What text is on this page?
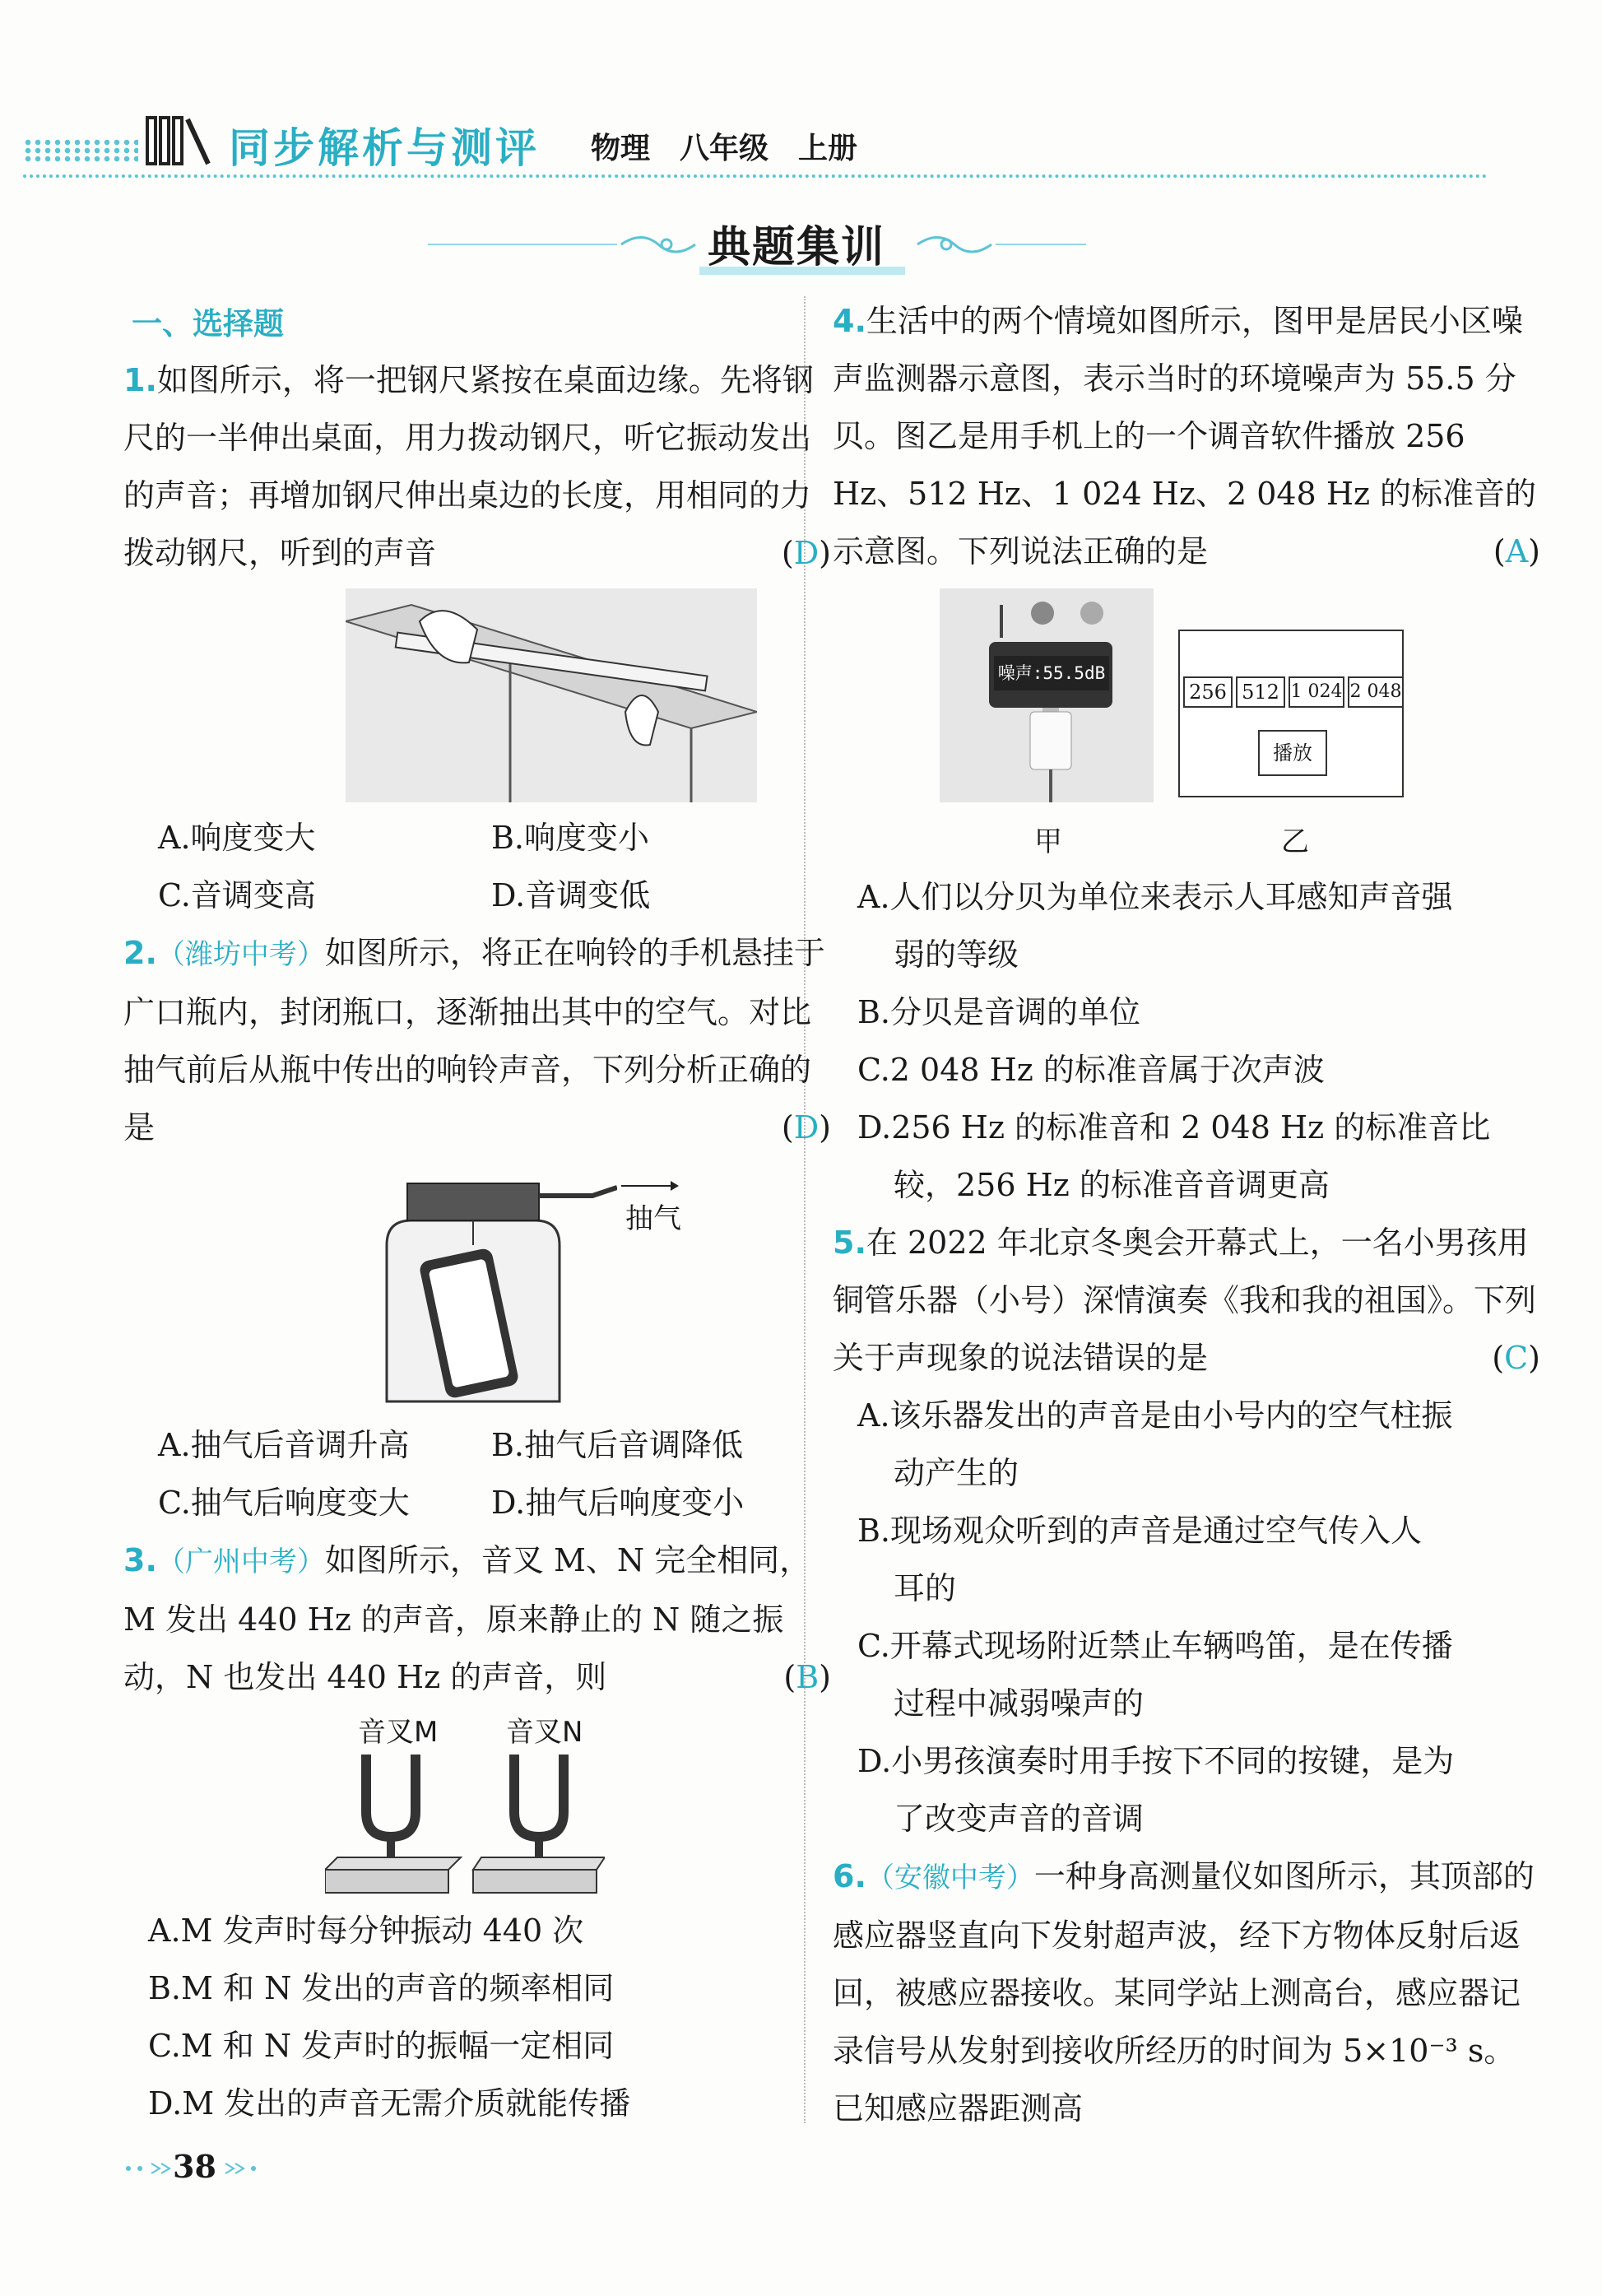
同步解析与测评 物理　八年级　上册
典题集训
一、选择题
1.如图所示，将一把钢尺紧按在桌面边缘。先将钢尺的一半伸出桌面，用力拨动钢尺，听它振动发出的声音；再增加钢尺伸出桌边的长度，用相同的力拨动钢尺，听到的声音	(D)
A.响度变大	B.响度变小
C.音调变高	D.音调变低
2.（潍坊中考）如图所示，将正在响铃的手机悬挂于广口瓶内，封闭瓶口，逐渐抽出其中的空气。对比抽气前后从瓶中传出的响铃声音，下列分析正确的是	(D)
抽气
A.抽气后音调升高	B.抽气后音调降低
C.抽气后响度变大	D.抽气后响度变小
3.（广州中考）如图所示，音叉 M、N 完全相同，M 发出 440 Hz 的声音，原来静止的 N 随之振动，N 也发出 440 Hz 的声音，则	(B)
音叉M 音叉N
A.M 发声时每分钟振动 440 次
B.M 和 N 发出的声音的频率相同
C.M 和 N 发声时的振幅一定相同
D.M 发出的声音无需介质就能传播
4.生活中的两个情境如图所示，图甲是居民小区噪声监测器示意图，表示当时的环境噪声为 55.5 分贝。图乙是用手机上的一个调音软件播放 256 Hz、512 Hz、1 024 Hz、2 048 Hz 的标准音的示意图。下列说法正确的是	(A)
噪声:55.5dB
256 512 1 024 2 048
播放
甲	乙
A.人们以分贝为单位来表示人耳感知声音强
弱的等级
B.分贝是音调的单位
C.2 048 Hz 的标准音属于次声波
D.256 Hz 的标准音和 2 048 Hz 的标准音比
较，256 Hz 的标准音音调更高
5.在 2022 年北京冬奥会开幕式上，一名小男孩用铜管乐器（小号）深情演奏《我和我的祖国》。下列关于声现象的说法错误的是	(C)
A.该乐器发出的声音是由小号内的空气柱振
动产生的
B.现场观众听到的声音是通过空气传入人
耳的
C.开幕式现场附近禁止车辆鸣笛，是在传播
过程中减弱噪声的
D.小男孩演奏时用手按下不同的按键，是为
了改变声音的音调
6.（安徽中考）一种身高测量仪如图所示，其顶部的感应器竖直向下发射超声波，经下方物体反射后返回，被感应器接收。某同学站上测高台，感应器记录信号从发射到接收所经历的时间为 5×10⁻³ s。已知感应器距测高
38
